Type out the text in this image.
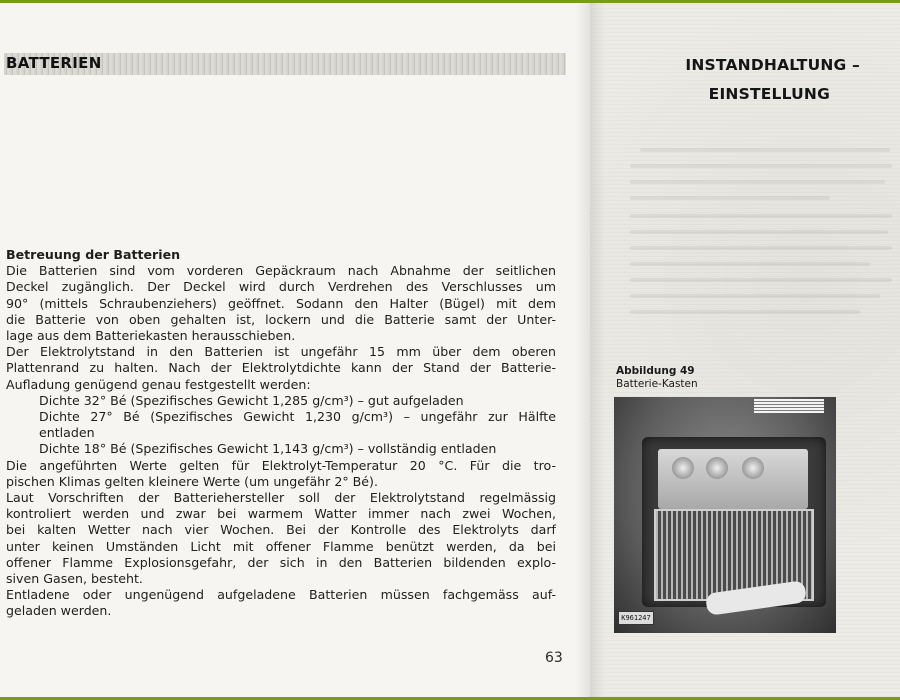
BATTERIEN	INSTANDHALTUNG –
EINSTELLUNG
Betreuung der Batterien
Die Batterien sind vom vorderen Gepäckraum nach Abnahme der seitlichen
Deckel zugänglich. Der Deckel wird durch Verdrehen des Verschlusses um
90° (mittels Schraubenziehers) geöffnet. Sodann den Halter (Bügel) mit dem
die Batterie von oben gehalten ist, lockern und die Batterie samt der Unter-
lage aus dem Batteriekasten herausschieben.
Der Elektrolytstand in den Batterien ist ungefähr 15 mm über dem oberen
Plattenrand zu halten. Nach der Elektrolytdichte kann der Stand der Batterie-
Aufladung genügend genau festgestellt werden:
Dichte 32° Bé (Spezifisches Gewicht 1,285 g/cm³) – gut aufgeladen
Dichte 27° Bé (Spezifisches Gewicht 1,230 g/cm³) – ungefähr zur Hälfte
entladen
Dichte 18° Bé (Spezifisches Gewicht 1,143 g/cm³) – vollständig entladen
Die angeführten Werte gelten für Elektrolyt-Temperatur 20 °C. Für die tro-
pischen Klimas gelten kleinere Werte (um ungefähr 2° Bé).
Laut Vorschriften der Batteriehersteller soll der Elektrolytstand regelmässig
kontroliert werden und zwar bei warmem Watter immer nach zwei Wochen,
bei kalten Wetter nach vier Wochen. Bei der Kontrolle des Elektrolyts darf
unter keinen Umständen Licht mit offener Flamme benützt werden, da bei
offener Flamme Explosionsgefahr, der sich in den Batterien bildenden explo-
siven Gasen, besteht.
Entladene oder ungenügend aufgeladene Batterien müssen fachgemäss auf-
geladen werden.
63
Abbildung 49
Batterie-Kasten
K961247
